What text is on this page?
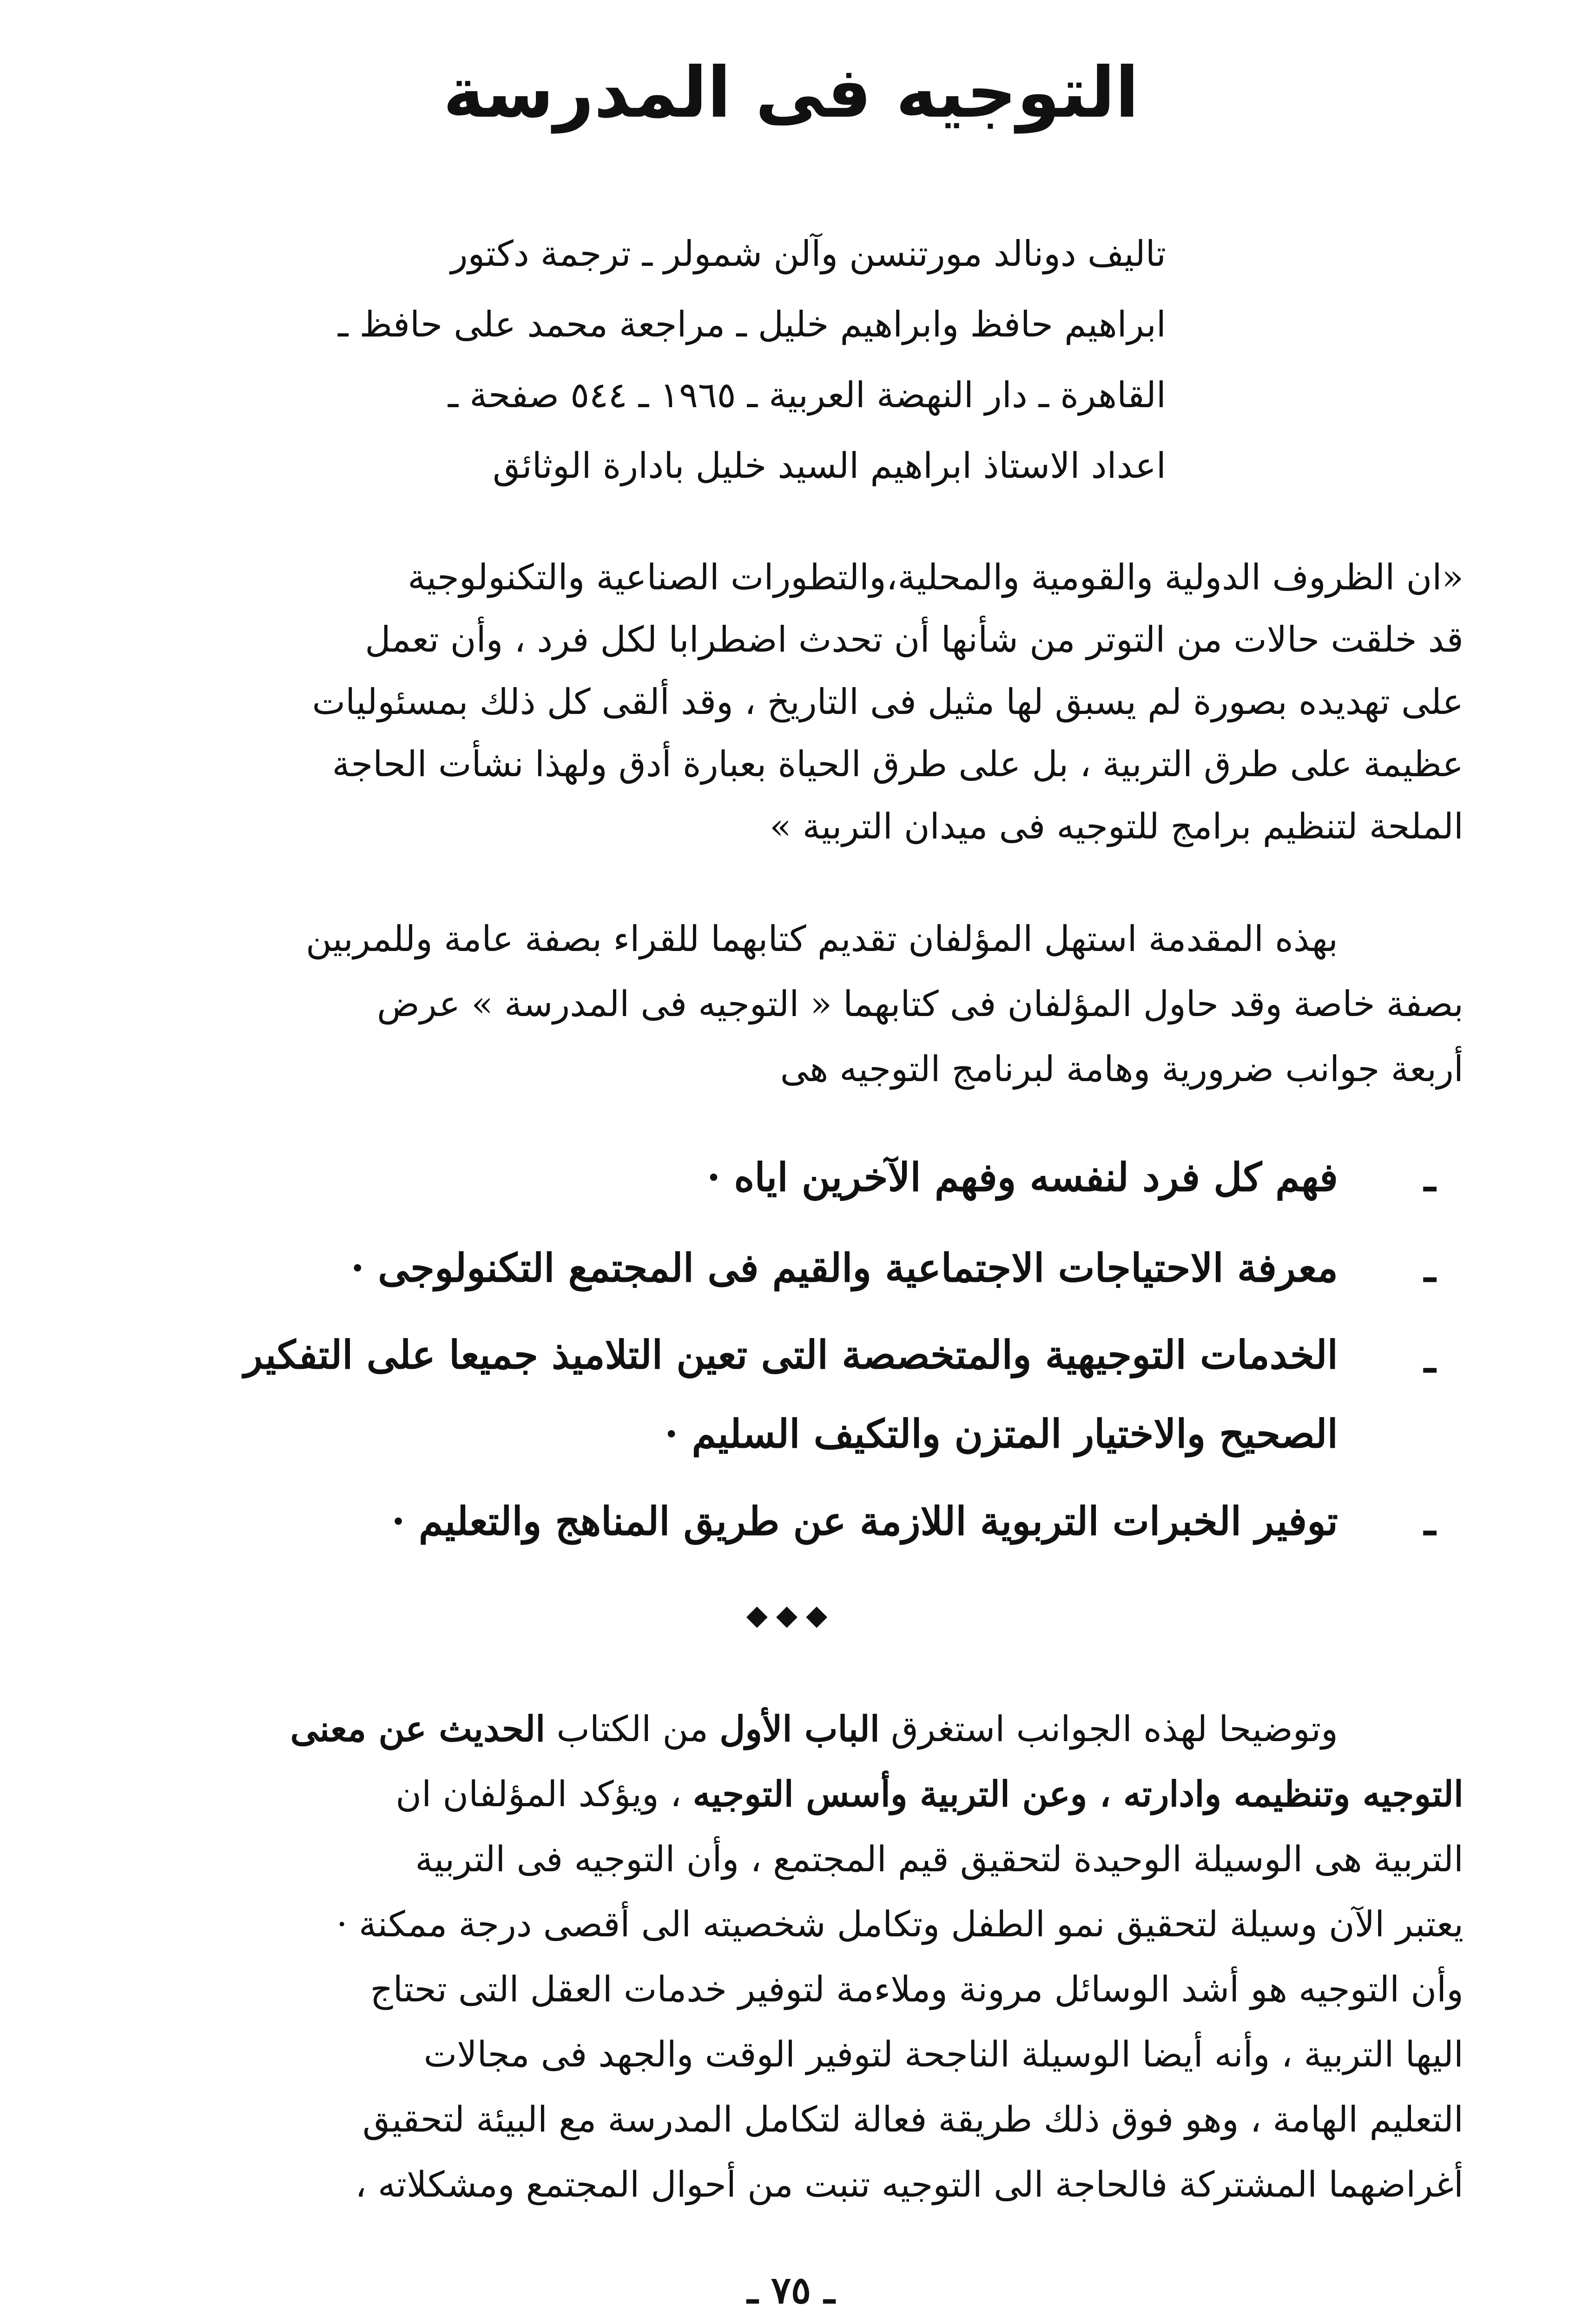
التوجيه فى المدرسة
تاليف دونالد مورتنسن وآلن شمولر ـ ترجمة دكتور
ابراهيم حافظ وابراهيم خليل ـ مراجعة محمد على حافظ ـ
القاهرة ـ دار النهضة العربية ـ ١٩٦٥ ـ ٥٤٤ صفحة ـ
اعداد الاستاذ ابراهيم السيد خليل بادارة الوثائق
«ان الظروف الدولية والقومية والمحلية،والتطورات الصناعية والتكنولوجية
قد خلقت حالات من التوتر من شأنها أن تحدث اضطرابا لكل فرد ، وأن تعمل
على تهديده بصورة لم يسبق لها مثيل فى التاريخ ، وقد ألقى كل ذلك بمسئوليات
عظيمة على طرق التربية ، بل على طرق الحياة بعبارة أدق ولهذا نشأت الحاجة
الملحة لتنظيم برامج للتوجيه فى ميدان التربية »
بهذه المقدمة استهل المؤلفان تقديم كتابهما للقراء بصفة عامة وللمربين
بصفة خاصة وقد حاول المؤلفان فى كتابهما « التوجيه فى المدرسة » عرض
أربعة جوانب ضرورية وهامة لبرنامج التوجيه هى
ـ
فهم كل فرد لنفسه وفهم الآخرين اياه ·
ـ
معرفة الاحتياجات الاجتماعية والقيم فى المجتمع التكنولوجى ·
ـ
الخدمات التوجيهية والمتخصصة التى تعين التلاميذ جميعا على التفكير
الصحيح والاختيار المتزن والتكيف السليم ·
ـ
توفير الخبرات التربوية اللازمة عن طريق المناهج والتعليم ·
◆◆◆
وتوضيحا لهذه الجوانب استغرق الباب الأول من الكتاب الحديث عن معنى
التوجيه وتنظيمه وادارته ، وعن التربية وأسس التوجيه ، ويؤكد المؤلفان ان
التربية هى الوسيلة الوحيدة لتحقيق قيم المجتمع ، وأن التوجيه فى التربية
يعتبر الآن وسيلة لتحقيق نمو الطفل وتكامل شخصيته الى أقصى درجة ممكنة ·
وأن التوجيه هو أشد الوسائل مرونة وملاءمة لتوفير خدمات العقل التى تحتاج
اليها التربية ، وأنه أيضا الوسيلة الناجحة لتوفير الوقت والجهد فى مجالات
التعليم الهامة ، وهو فوق ذلك طريقة فعالة لتكامل المدرسة مع البيئة لتحقيق
أغراضهما المشتركة فالحاجة الى التوجيه تنبت من أحوال المجتمع ومشكلاته ،
ـ ٧٥ ـ
